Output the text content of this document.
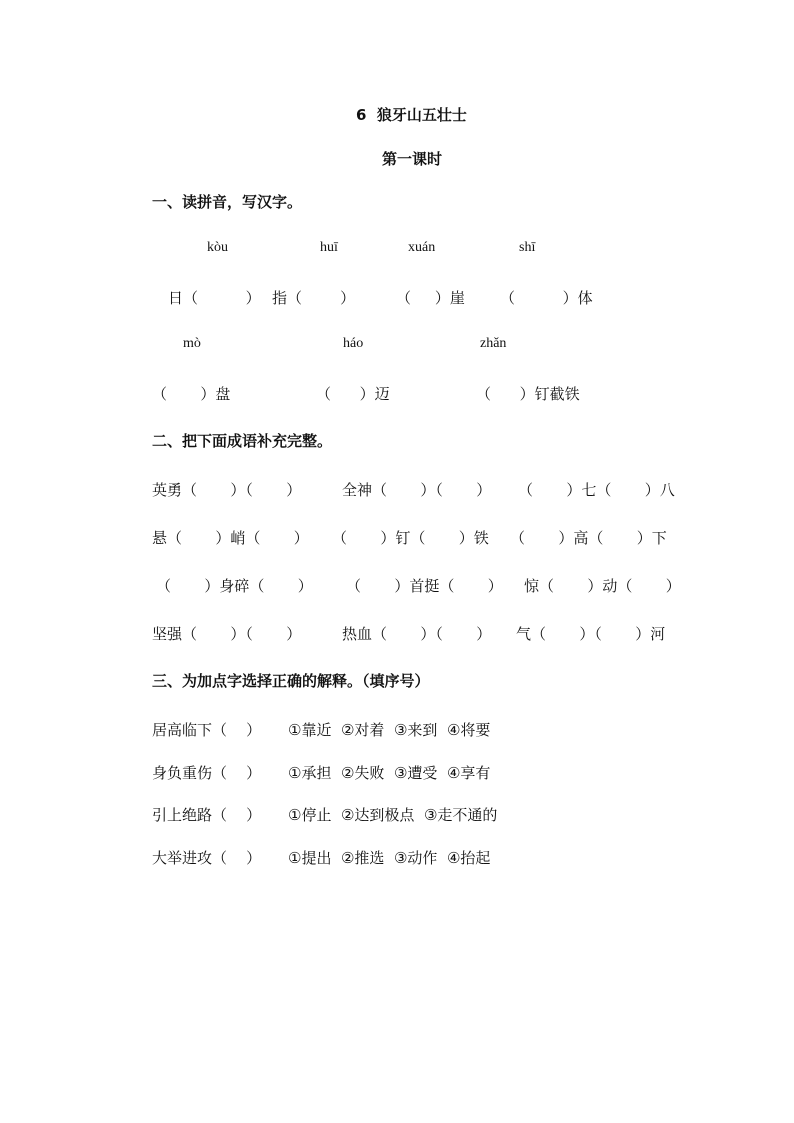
6  狼牙山五壮士
第一课时
一、读拼音，写汉字。
kòu	huī	xuán	shī
日（          ） 指（        ）	（     ）崖 （          ）体
mò	háo	zhǎn
（       ）盘	（      ）迈	（      ）钉截铁
二、把下面成语补充完整。
英勇（       ）（       ）	全神（       ）（       ） （       ）七（       ）八
悬（       ）峭（       ） （       ）钉（       ）铁 （       ）高（       ）下
（       ）身碎（       ） （       ）首挺（       ） 惊（       ）动（       ）
坚强（       ）（       ）	热血（       ）（       ） 气（       ）（       ）河
三、为加点字选择正确的解释。（填序号）
居高临下（    ） ①靠近  ②对着  ③来到  ④将要
身负重伤（    ） ①承担  ②失败  ③遭受  ④享有
引上绝路（    ） ①停止  ②达到极点  ③走不通的
大举进攻（    ） ①提出  ②推选  ③动作  ④抬起
